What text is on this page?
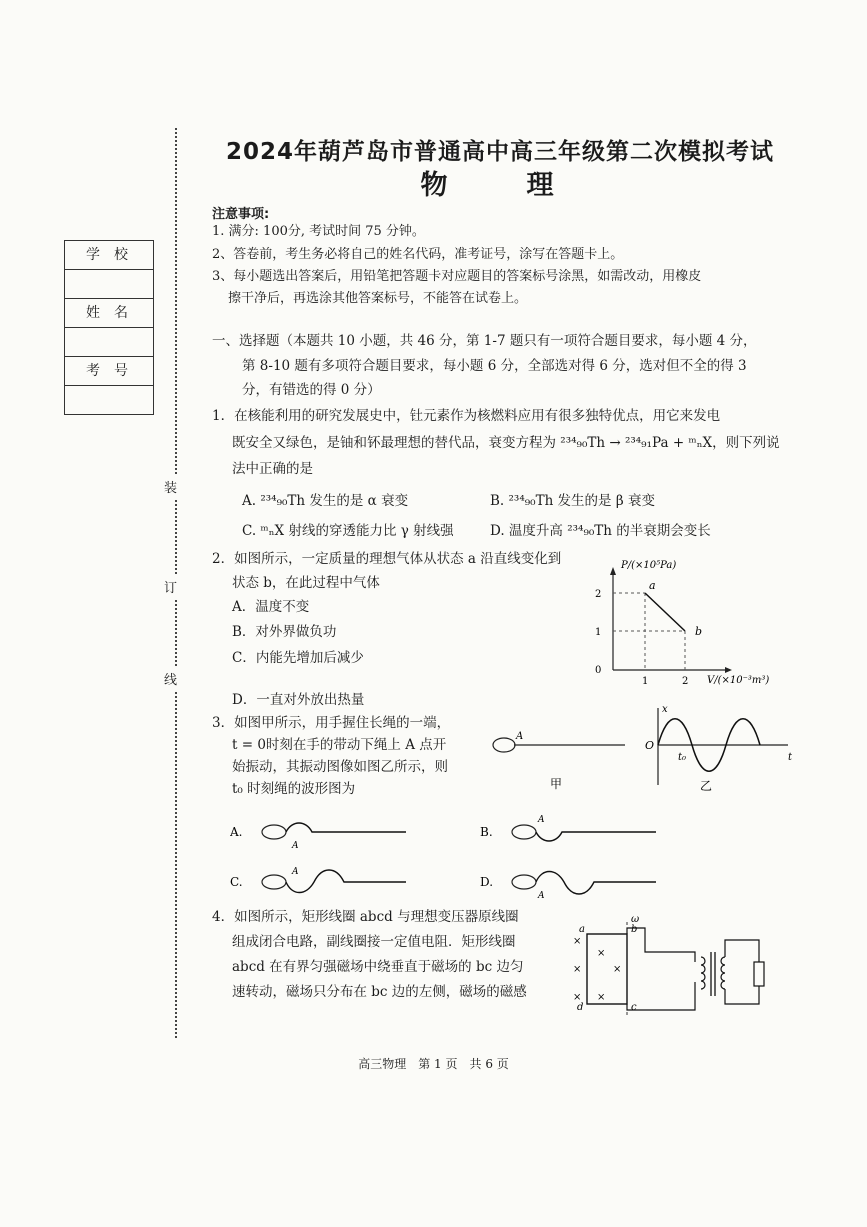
2024年葫芦岛市普通高中高三年级第二次模拟考试
物　理
注意事项:
1. 满分: 100分, 考试时间 75 分钟。
2、答卷前，考生务必将自己的姓名代码，准考证号，涂写在答题卡上。
3、每小题选出答案后，用铅笔把答题卡对应题目的答案标号涂黑，如需改动，用橡皮
擦干净后，再选涂其他答案标号，不能答在试卷上。
学校
姓名
考号
装
订
线
一、选择题（本题共 10 小题，共 46 分，第 1-7 题只有一项符合题目要求，每小题 4 分，
第 8-10 题有多项符合题目要求，每小题 6 分，全部选对得 6 分，选对但不全的得 3
分，有错选的得 0 分）
1．在核能利用的研究发展史中，钍元素作为核燃料应用有很多独特优点，用它来发电
既安全又绿色，是铀和钚最理想的替代品，衰变方程为 ²³⁴₉₀Th → ²³⁴₉₁Pa + ᵐₙX，则下列说
法中正确的是
A. ²³⁴₉₀Th 发生的是 α 衰变	B. ²³⁴₉₀Th 发生的是 β 衰变
C. ᵐₙX 射线的穿透能力比 γ 射线强	D. 温度升高 ²³⁴₉₀Th 的半衰期会变长
2．如图所示，一定质量的理想气体从状态 a 沿直线变化到
状态 b，在此过程中气体
A．温度不变
B．对外界做负功
C．内能先增加后减少
D．一直对外放出热量
a
b
2
1
0
1	2
P/(×10⁵Pa)
V/(×10⁻³m³)
3．如图甲所示，用手握住长绳的一端，
t = 0时刻在手的带动下绳上 A 点开
始振动，其振动图像如图乙所示，则
t₀ 时刻绳的波形图为
A
甲
O
x
t
t₀
乙
A.
A
B.
A
C.
A
D.
A
4．如图所示，矩形线圈 abcd 与理想变压器原线圈
组成闭合电路，副线圈接一定值电阻．矩形线圈
abcd 在有界匀强磁场中绕垂直于磁场的 bc 边匀
速转动，磁场只分布在 bc 边的左侧，磁场的磁感
×
×
×
×
×
×
a	b
c
d
ω
高三物理　第 1 页　共 6 页
